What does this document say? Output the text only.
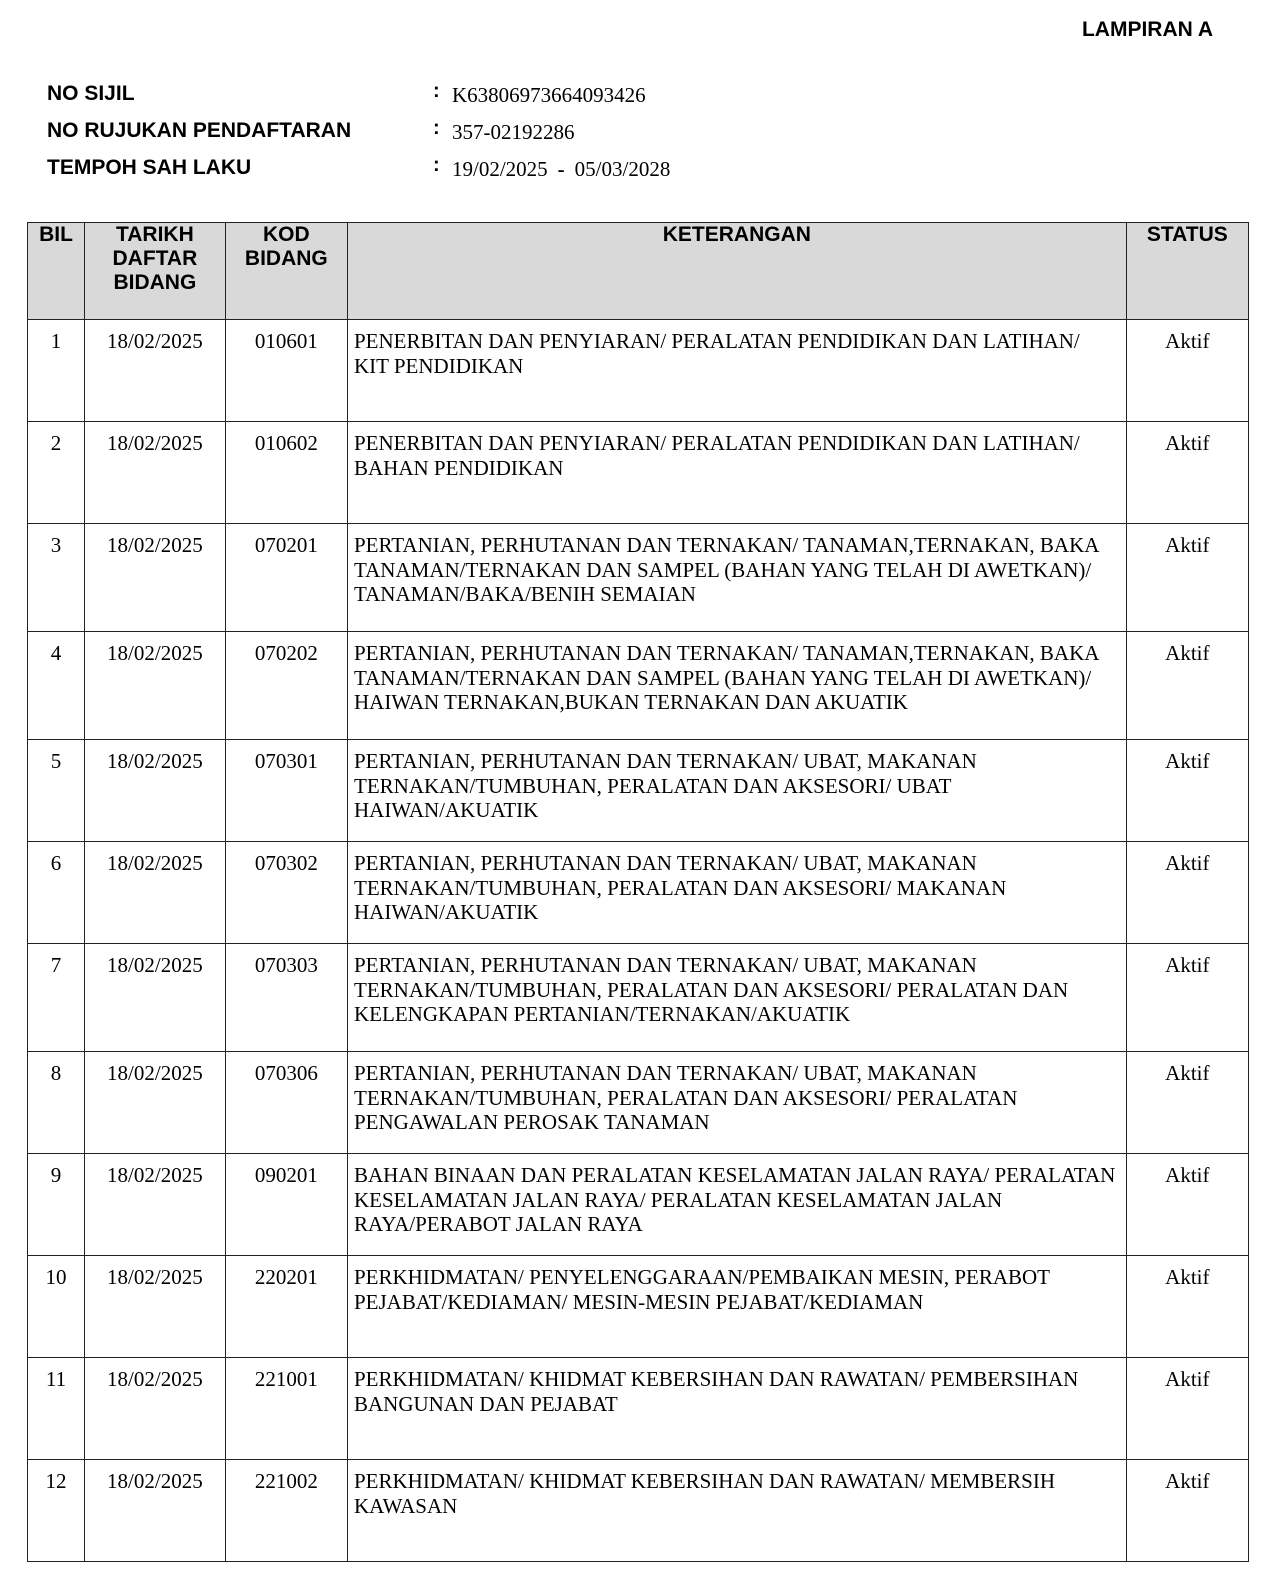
LAMPIRAN A
NO SIJIL	: K63806973664093426
NO RUJUKAN PENDAFTARAN	: 357-02192286
TEMPOH SAH LAKU	: 19/02/2025 - 05/03/2028
BIL	TARIKH DAFTAR BIDANG	KOD BIDANG	KETERANGAN	STATUS
1	18/02/2025	010601	PENERBITAN DAN PENYIARAN/ PERALATAN PENDIDIKAN DAN LATIHAN/ KIT PENDIDIKAN	Aktif
2	18/02/2025	010602	PENERBITAN DAN PENYIARAN/ PERALATAN PENDIDIKAN DAN LATIHAN/ BAHAN PENDIDIKAN	Aktif
3	18/02/2025	070201	PERTANIAN, PERHUTANAN DAN TERNAKAN/ TANAMAN,TERNAKAN, BAKA TANAMAN/TERNAKAN DAN SAMPEL (BAHAN YANG TELAH DI AWETKAN)/ TANAMAN/BAKA/BENIH SEMAIAN	Aktif
4	18/02/2025	070202	PERTANIAN, PERHUTANAN DAN TERNAKAN/ TANAMAN,TERNAKAN, BAKA TANAMAN/TERNAKAN DAN SAMPEL (BAHAN YANG TELAH DI AWETKAN)/ HAIWAN TERNAKAN,BUKAN TERNAKAN DAN AKUATIK	Aktif
5	18/02/2025	070301	PERTANIAN, PERHUTANAN DAN TERNAKAN/ UBAT, MAKANAN TERNAKAN/TUMBUHAN, PERALATAN DAN AKSESORI/ UBAT HAIWAN/AKUATIK	Aktif
6	18/02/2025	070302	PERTANIAN, PERHUTANAN DAN TERNAKAN/ UBAT, MAKANAN TERNAKAN/TUMBUHAN, PERALATAN DAN AKSESORI/ MAKANAN HAIWAN/AKUATIK	Aktif
7	18/02/2025	070303	PERTANIAN, PERHUTANAN DAN TERNAKAN/ UBAT, MAKANAN TERNAKAN/TUMBUHAN, PERALATAN DAN AKSESORI/ PERALATAN DAN KELENGKAPAN PERTANIAN/TERNAKAN/AKUATIK	Aktif
8	18/02/2025	070306	PERTANIAN, PERHUTANAN DAN TERNAKAN/ UBAT, MAKANAN TERNAKAN/TUMBUHAN, PERALATAN DAN AKSESORI/ PERALATAN PENGAWALAN PEROSAK TANAMAN	Aktif
9	18/02/2025	090201	BAHAN BINAAN DAN PERALATAN KESELAMATAN JALAN RAYA/ PERALATAN KESELAMATAN JALAN RAYA/ PERALATAN KESELAMATAN JALAN RAYA/PERABOT JALAN RAYA	Aktif
10	18/02/2025	220201	PERKHIDMATAN/ PENYELENGGARAAN/PEMBAIKAN MESIN, PERABOT PEJABAT/KEDIAMAN/ MESIN-MESIN PEJABAT/KEDIAMAN	Aktif
11	18/02/2025	221001	PERKHIDMATAN/ KHIDMAT KEBERSIHAN DAN RAWATAN/ PEMBERSIHAN BANGUNAN DAN PEJABAT	Aktif
12	18/02/2025	221002	PERKHIDMATAN/ KHIDMAT KEBERSIHAN DAN RAWATAN/ MEMBERSIH KAWASAN	Aktif
